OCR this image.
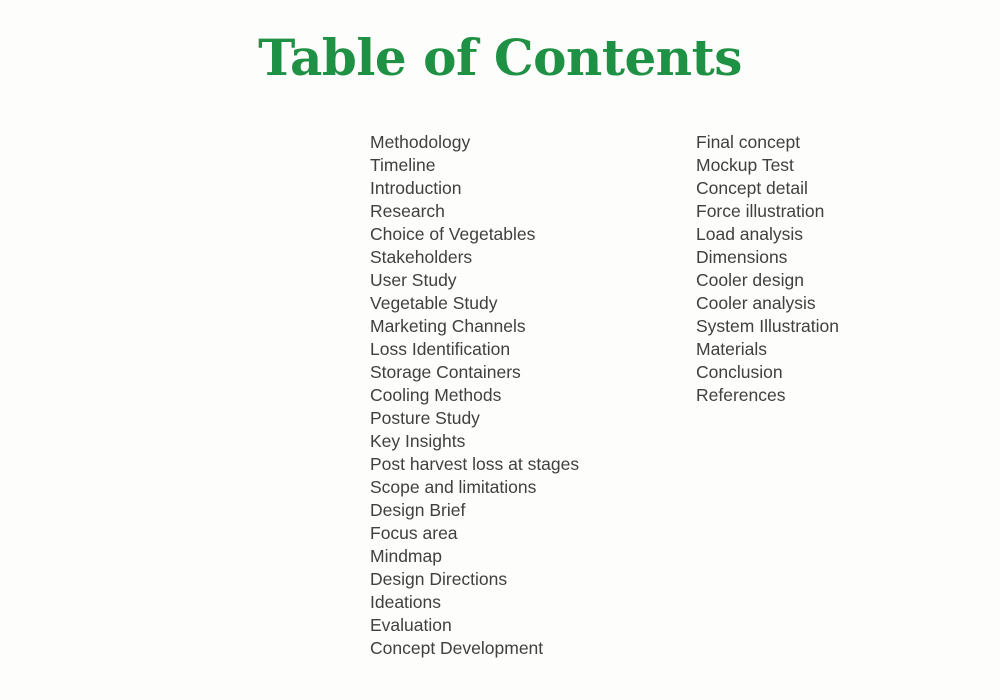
Table of Contents
Methodology
Timeline
Introduction
Research
Choice of Vegetables
Stakeholders
User Study
Vegetable Study
Marketing Channels
Loss Identification
Storage Containers
Cooling Methods
Posture Study
Key Insights
Post harvest loss at stages
Scope and limitations
Design Brief
Focus area
Mindmap
Design Directions
Ideations
Evaluation
Concept Development
Final concept
Mockup Test
Concept detail
Force illustration
Load analysis
Dimensions
Cooler design
Cooler analysis
System Illustration
Materials
Conclusion
References
